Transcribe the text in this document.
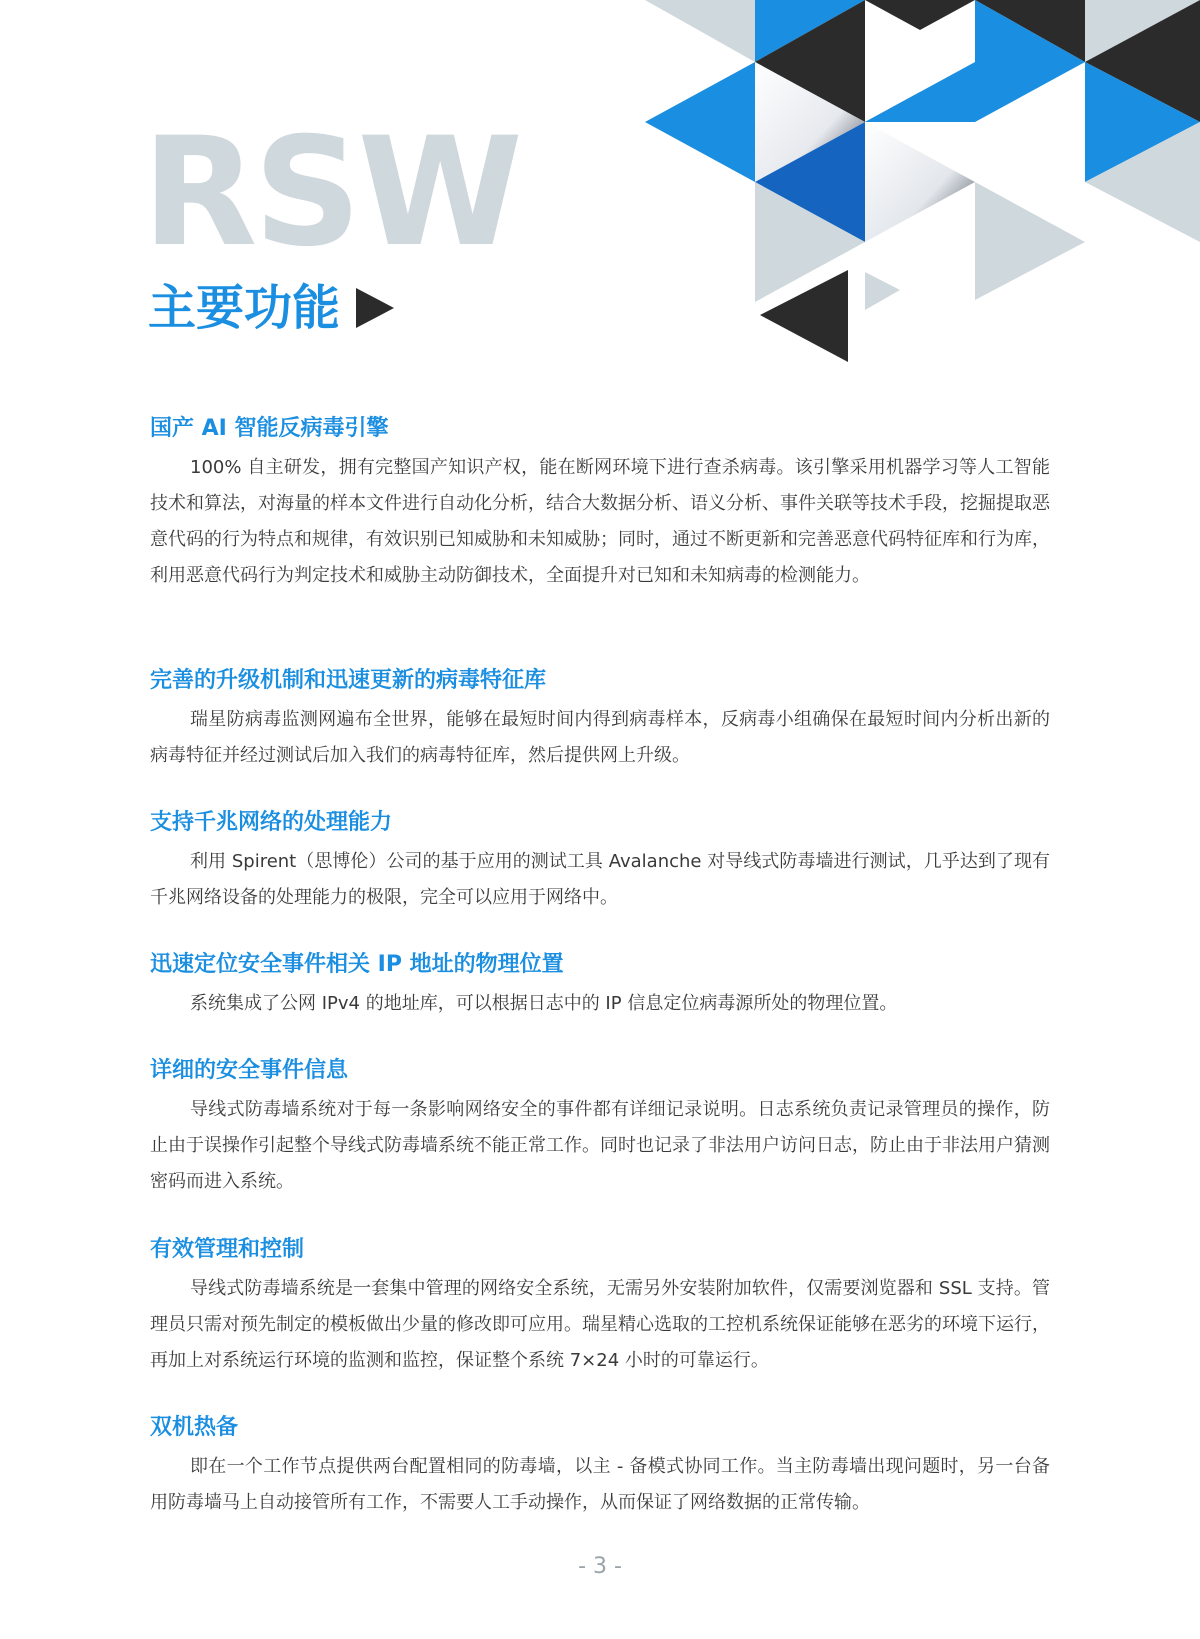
RSW
主要功能
国产 AI 智能反病毒引擎

100% 自主研发，拥有完整国产知识产权，能在断网环境下进行查杀病毒。该引擎采用机器学习等人工智能技术和算法，对海量的样本文件进行自动化分析，结合大数据分析、语义分析、事件关联等技术手段，挖掘提取恶意代码的行为特点和规律，有效识别已知威胁和未知威胁；同时，通过不断更新和完善恶意代码特征库和行为库，利用恶意代码行为判定技术和威胁主动防御技术，全面提升对已知和未知病毒的检测能力。

完善的升级机制和迅速更新的病毒特征库

瑞星防病毒监测网遍布全世界，能够在最短时间内得到病毒样本，反病毒小组确保在最短时间内分析出新的病毒特征并经过测试后加入我们的病毒特征库，然后提供网上升级。

支持千兆网络的处理能力

利用 Spirent（思博伦）公司的基于应用的测试工具 Avalanche 对导线式防毒墙进行测试，几乎达到了现有千兆网络设备的处理能力的极限，完全可以应用于网络中。

迅速定位安全事件相关 IP 地址的物理位置

系统集成了公网 IPv4 的地址库，可以根据日志中的 IP 信息定位病毒源所处的物理位置。

详细的安全事件信息

导线式防毒墙系统对于每一条影响网络安全的事件都有详细记录说明。日志系统负责记录管理员的操作，防止由于误操作引起整个导线式防毒墙系统不能正常工作。同时也记录了非法用户访问日志，防止由于非法用户猜测密码而进入系统。

有效管理和控制

导线式防毒墙系统是一套集中管理的网络安全系统，无需另外安装附加软件，仅需要浏览器和 SSL 支持。管理员只需对预先制定的模板做出少量的修改即可应用。瑞星精心选取的工控机系统保证能够在恶劣的环境下运行，再加上对系统运行环境的监测和监控，保证整个系统 7×24 小时的可靠运行。

双机热备

即在一个工作节点提供两台配置相同的防毒墙，以主 - 备模式协同工作。当主防毒墙出现问题时，另一台备用防毒墙马上自动接管所有工作，不需要人工手动操作，从而保证了网络数据的正常传输。

- 3 -
